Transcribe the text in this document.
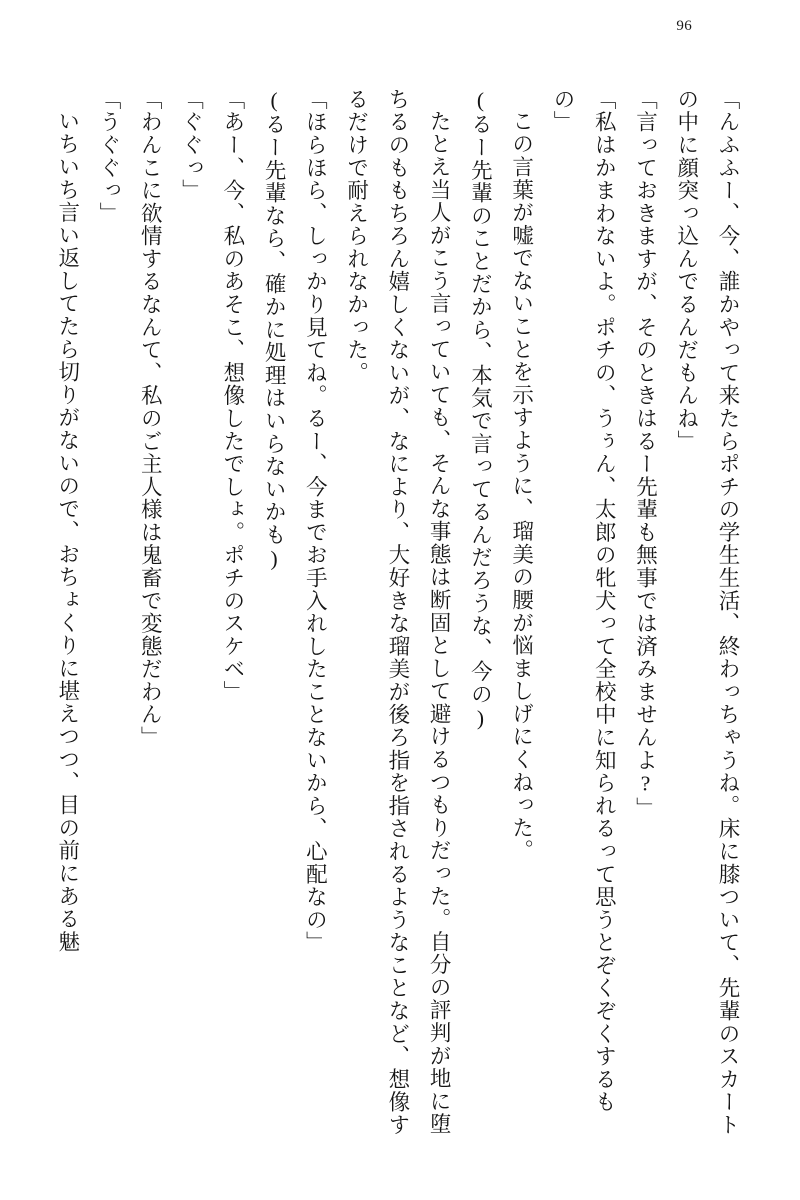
96

「んふふー、今、誰かやって来たらポチの学生生活、終わっちゃうね。床に膝ついて、先輩のスカートの中に顔突っ込んでるんだもんね」

「言っておきますが、そのときはるー先輩も無事では済みませんよ?」

「私はかまわないよ。ポチの、うぅん、太郎の牝犬って全校中に知られるって思うとぞくぞくするもの」

この言葉が嘘でないことを示すように、瑠美の腰が悩ましげにくねった。

(るー先輩のことだから、本気で言ってるんだろうな、今の)

たとえ当人がこう言っていても、そんな事態は断固として避けるつもりだった。自分の評判が地に堕ちるのももちろん嬉しくないが、なにより、大好きな瑠美が後ろ指を指されるようなことなど、想像するだけで耐えられなかった。

「ほらほら、しっかり見てね。るー、今までお手入れしたことないから、心配なの」

(るー先輩なら、確かに処理はいらないかも)

「あー、今、私のあそこ、想像したでしょ。ポチのスケベ」

「ぐぐっ」

「わんこに欲情するなんて、私のご主人様は鬼畜で変態だわん」

「うぐぐっ」

いちいち言い返してたら切りがないので、おちょくりに堪えつつ、目の前にある魅
